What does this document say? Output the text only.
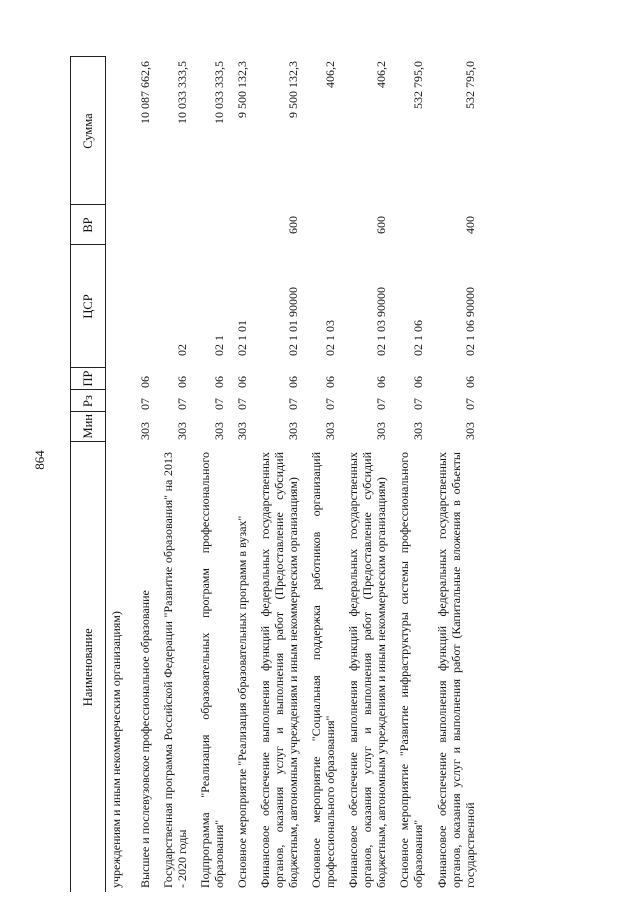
864
Наименование	Мин	Рз	ПР	ЦСР	ВР	Сумма
учреждениям и иным некоммерческим организациям)						
Высшее и послевузовское профессиональное образование	303	07	06			10 087 662,6
Государственная программа Российской Федерации "Развитие образования" на 2013 - 2020 годы	303	07	06	02		10 033 333,5
Подпрограмма "Реализация образовательных программ профессионального образования"	303	07	06	02 1		10 033 333,5
Основное мероприятие "Реализация образовательных программ в вузах"	303	07	06	02 1 01		9 500 132,3
Финансовое обеспечение выполнения функций федеральных государственных органов, оказания услуг и выполнения работ (Предоставление субсидий бюджетным, автономным учреждениям и иным некоммерческим организациям)	303	07	06	02 1 01 90000	600	9 500 132,3
Основное мероприятие "Социальная поддержка работников организаций профессионального образования"	303	07	06	02 1 03		406,2
Финансовое обеспечение выполнения функций федеральных государственных органов, оказания услуг и выполнения работ (Предоставление субсидий бюджетным, автономным учреждениям и иным некоммерческим организациям)	303	07	06	02 1 03 90000	600	406,2
Основное мероприятие "Развитие инфраструктуры системы профессионального образования"	303	07	06	02 1 06		532 795,0
Финансовое обеспечение выполнения функций федеральных государственных органов, оказания услуг и выполнения работ (Капитальные вложения в объекты государственной	303	07	06	02 1 06 90000	400	532 795,0
